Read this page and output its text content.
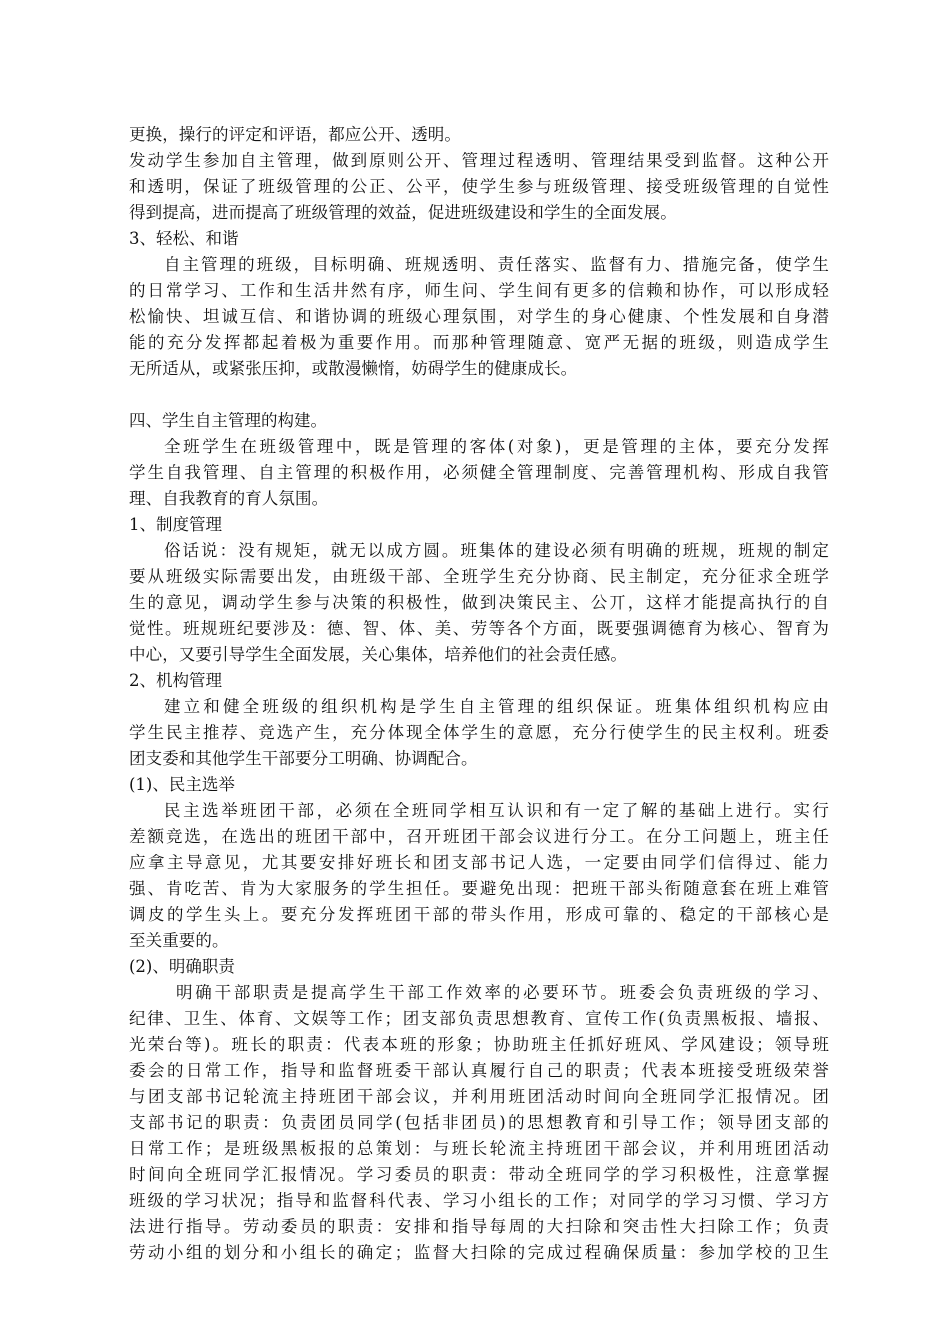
更换，操行的评定和评语，都应公开、透明。
发动学生参加自主管理，做到原则公开、管理过程透明、管理结果受到监督。这种公开
和透明，保证了班级管理的公正、公平，使学生参与班级管理、接受班级管理的自觉性
得到提高，进而提高了班级管理的效益，促进班级建设和学生的全面发展。
3、轻松、和谐
自主管理的班级，目标明确、班规透明、责任落实、监督有力、措施完备，使学生
的日常学习、工作和生活井然有序，师生问、学生间有更多的信赖和协作，可以形成轻
松愉快、坦诚互信、和谐协调的班级心理氛围，对学生的身心健康、个性发展和自身潜
能的充分发挥都起着极为重要作用。而那种管理随意、宽严无据的班级，则造成学生
无所适从，或紧张压抑，或散漫懒惰，妨碍学生的健康成长。
四、学生自主管理的构建。
全班学生在班级管理中，既是管理的客体(对象)，更是管理的主体，要充分发挥
学生自我管理、自主管理的积极作用，必须健全管理制度、完善管理机构、形成自我管
理、自我教育的育人氛围。
1、制度管理
俗话说：没有规矩，就无以成方圆。班集体的建设必须有明确的班规，班规的制定
要从班级实际需要出发，由班级干部、全班学生充分协商、民主制定，充分征求全班学
生的意见，调动学生参与决策的积极性，做到决策民主、公丌，这样才能提高执行的自
觉性。班规班纪要涉及：德、智、体、美、劳等各个方面，既要强调德育为核心、智育为
中心，又要引导学生全面发展，关心集体，培养他们的社会责任感。
2、机构管理
建立和健全班级的组织机构是学生自主管理的组织保证。班集体组织机构应由
学生民主推荐、竞选产生，充分体现全体学生的意愿，充分行使学生的民主权利。班委
团支委和其他学生干部要分工明确、协调配合。
(1)、民主选举
民主选举班团干部，必须在全班同学相互认识和有一定了解的基础上进行。实行
差额竞选，在选出的班团干部中，召开班团干部会议进行分工。在分工问题上，班主任
应拿主导意见，尤其要安排好班长和团支部书记人选，一定要由同学们信得过、能力
强、肯吃苦、肯为大家服务的学生担任。要避免出现：把班干部头衔随意套在班上难管
调皮的学生头上。要充分发挥班团干部的带头作用，形成可靠的、稳定的干部核心是
至关重要的。
(2)、明确职责
明确干部职责是提高学生干部工作效率的必要环节。班委会负责班级的学习、
纪律、卫生、体育、文娱等工作；团支部负责思想教育、宣传工作(负责黑板报、墙报、
光荣台等)。班长的职责：代表本班的形象；协助班主任抓好班风、学风建设；领导班
委会的日常工作，指导和监督班委干部认真履行自己的职责；代表本班接受班级荣誉
与团支部书记轮流主持班团干部会议，并利用班团活动时间向全班同学汇报情况。团
支部书记的职责：负责团员同学(包括非团员)的思想教育和引导工作；领导团支部的
日常工作；是班级黑板报的总策划：与班长轮流主持班团干部会议，并利用班团活动
时间向全班同学汇报情况。学习委员的职责：带动全班同学的学习积极性，注意掌握
班级的学习状况；指导和监督科代表、学习小组长的工作；对同学的学习习惯、学习方
法进行指导。劳动委员的职责：安排和指导每周的大扫除和突击性大扫除工作；负责
劳动小组的划分和小组长的确定；监督大扫除的完成过程确保质量：参加学校的卫生
